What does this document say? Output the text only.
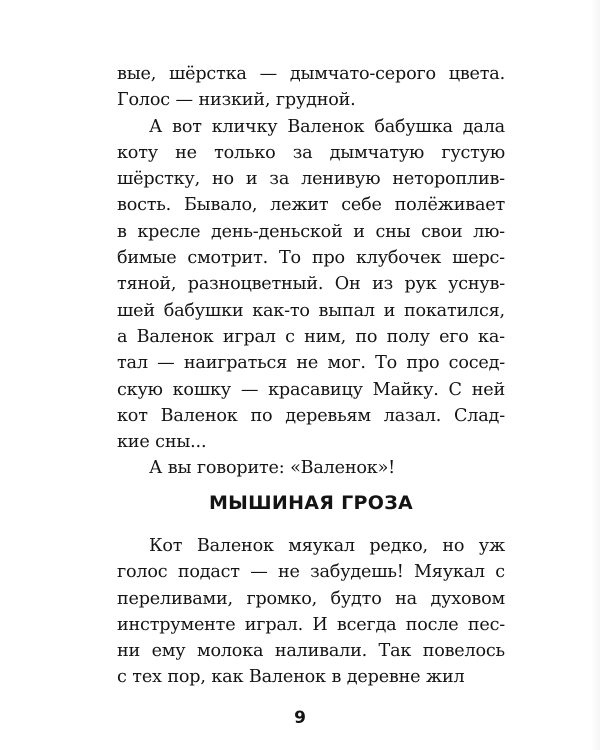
вые, шёрстка — дымчато-серого цвета.
Голос — низкий, грудной.
А вот кличку Валенок бабушка дала
коту не только за дымчатую густую
шёрстку, но и за ленивую нетороплив-
вость. Бывало, лежит себе полёживает
в кресле день-деньской и сны свои лю-
бимые смотрит. То про клубочек шерс-
тяной, разноцветный. Он из рук уснув-
шей бабушки как-то выпал и покатился,
а Валенок играл с ним, по полу его ка-
тал — наиграться не мог. То про сосед-
скую кошку — красавицу Майку. С ней
кот Валенок по деревьям лазал. Слад-
кие сны...
А вы говорите: «Валенок»!
МЫШИНАЯ ГРОЗА
Кот Валенок мяукал редко, но уж
голос подаст — не забудешь! Мяукал с
переливами, громко, будто на духовом
инструменте играл. И всегда после пес-
ни ему молока наливали. Так повелось
с тех пор, как Валенок в деревне жил
9
